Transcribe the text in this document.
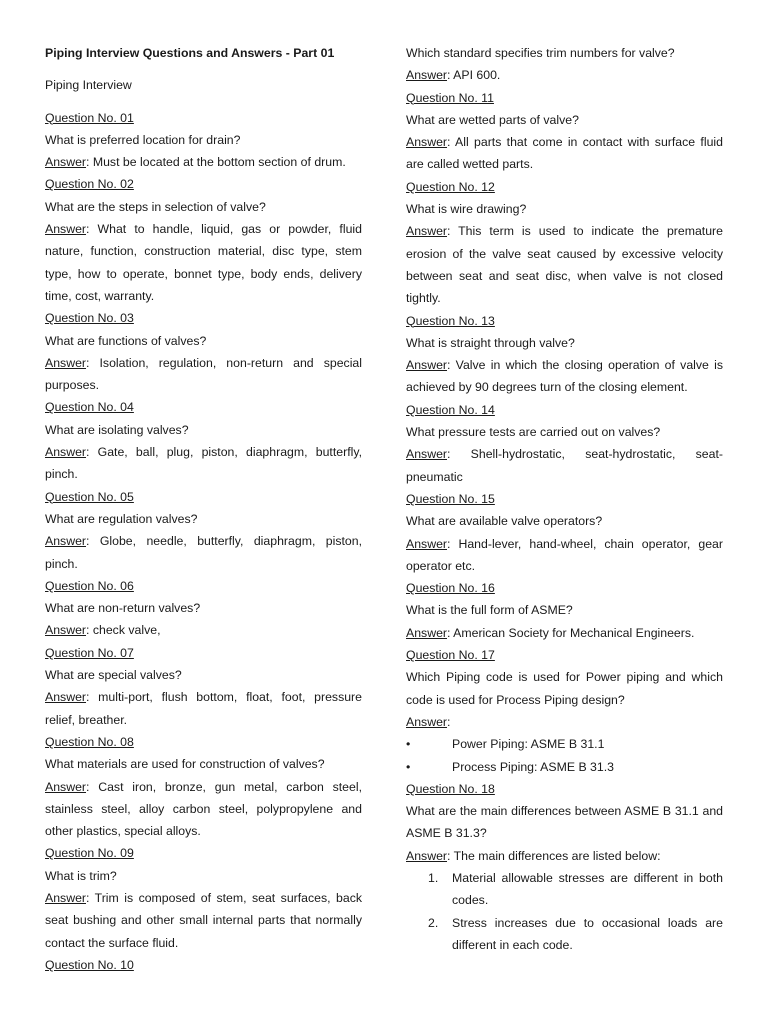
Piping Interview Questions and Answers - Part 01

Piping Interview

Question No. 01

What is preferred location for drain?

Answer: Must be located at the bottom section of drum.

Question No. 02

What are the steps in selection of valve?

Answer: What to handle, liquid, gas or powder, fluid nature, function, construction material, disc type, stem type, how to operate, bonnet type, body ends, delivery time, cost, warranty.

Question No. 03

What are functions of valves?

Answer: Isolation, regulation, non-return and special purposes.

Question No. 04

What are isolating valves?

Answer: Gate, ball, plug, piston, diaphragm, butterfly, pinch.

Question No. 05

What are regulation valves?

Answer: Globe, needle, butterfly, diaphragm, piston, pinch.

Question No. 06

What are non-return valves?

Answer: check valve,

Question No. 07

What are special valves?

Answer: multi-port, flush bottom, float, foot, pressure relief, breather.

Question No. 08

What materials are used for construction of valves?

Answer: Cast iron, bronze, gun metal, carbon steel, stainless steel, alloy carbon steel, polypropylene and other plastics, special alloys.

Question No. 09

What is trim?

Answer: Trim is composed of stem, seat surfaces, back seat bushing and other small internal parts that normally contact the surface fluid.

Question No. 10

Which standard specifies trim numbers for valve?

Answer: API 600.

Question No. 11

What are wetted parts of valve?

Answer: All parts that come in contact with surface fluid are called wetted parts.

Question No. 12

What is wire drawing?

Answer: This term is used to indicate the premature erosion of the valve seat caused by excessive velocity between seat and seat disc, when valve is not closed tightly.

Question No. 13

What is straight through valve?

Answer: Valve in which the closing operation of valve is achieved by 90 degrees turn of the closing element.

Question No. 14

What pressure tests are carried out on valves?

Answer: Shell-hydrostatic, seat-hydrostatic, seat-pneumatic

Question No. 15

What are available valve operators?

Answer: Hand-lever, hand-wheel, chain operator, gear operator etc.

Question No. 16

What is the full form of ASME?

Answer: American Society for Mechanical Engineers.

Question No. 17

Which Piping code is used for Power piping and which code is used for Process Piping design?

Answer:

•	Power Piping: ASME B 31.1
•	Process Piping: ASME B 31.3

Question No. 18

What are the main differences between ASME B 31.1 and ASME B 31.3?

Answer: The main differences are listed below:

1.	Material allowable stresses are different in both codes.
2.	Stress increases due to occasional loads are different in each code.
